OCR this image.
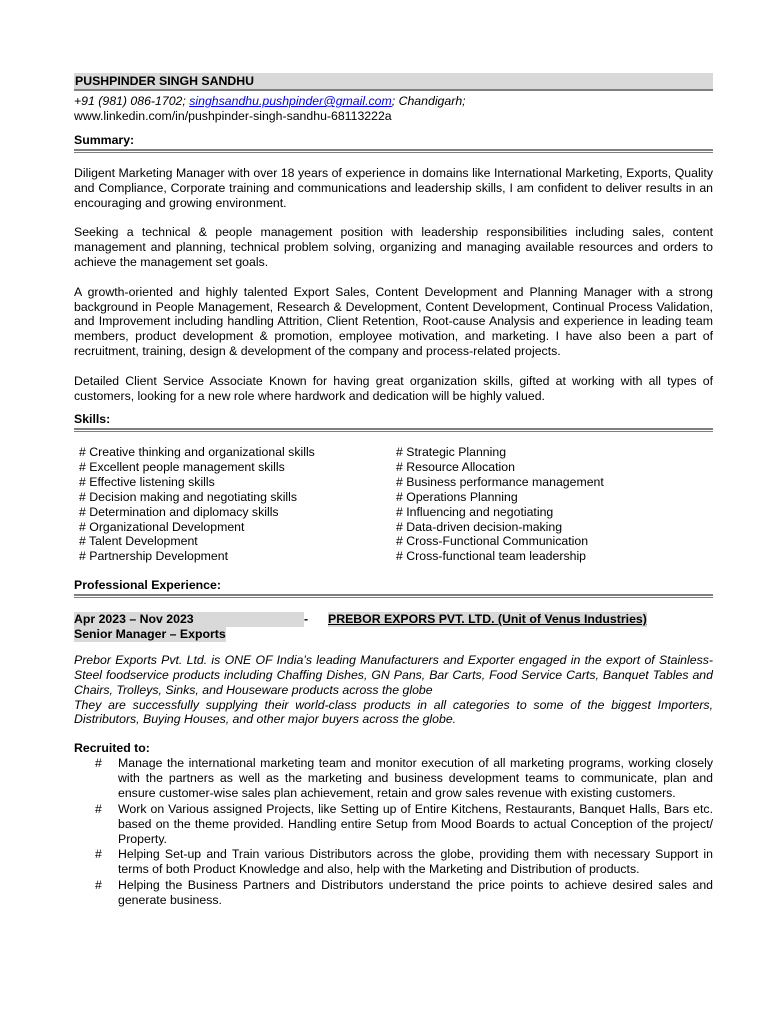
PUSHPINDER SINGH SANDHU
+91 (981) 086-1702; singhsandhu.pushpinder@gmail.com; Chandigarh;
www.linkedin.com/in/pushpinder-singh-sandhu-68113222a
Summary:

Diligent Marketing Manager with over 18 years of experience in domains like International Marketing, Exports, Quality and Compliance, Corporate training and communications and leadership skills, I am confident to deliver results in an encouraging and growing environment.

Seeking a technical & people management position with leadership responsibilities including sales, content management and planning, technical problem solving, organizing and managing available resources and orders to achieve the management set goals.

A growth-oriented and highly talented Export Sales, Content Development and Planning Manager with a strong background in People Management, Research & Development, Content Development, Continual Process Validation, and Improvement including handling Attrition, Client Retention, Root-cause Analysis and experience in leading team members, product development & promotion, employee motivation, and marketing. I have also been a part of recruitment, training, design & development of the company and process-related projects.

Detailed Client Service Associate Known for having great organization skills, gifted at working with all types of customers, looking for a new role where hardwork and dedication will be highly valued.

Skills:
# Creative thinking and organizational skills
# Excellent people management skills
# Effective listening skills
# Decision making and negotiating skills
# Determination and diplomacy skills
# Organizational Development
# Talent Development
# Partnership Development
# Strategic Planning
# Resource Allocation
# Business performance management
# Operations Planning
# Influencing and negotiating
# Data-driven decision-making
# Cross-Functional Communication
# Cross-functional team leadership
Professional Experience:
Apr 2023 – Nov 2023	-	PREBOR EXPORS PVT. LTD. (Unit of Venus Industries)
Senior Manager – Exports

Prebor Exports Pvt. Ltd. is ONE OF India’s leading Manufacturers and Exporter engaged in the export of Stainless-Steel foodservice products including Chaffing Dishes, GN Pans, Bar Carts, Food Service Carts, Banquet Tables and Chairs, Trolleys, Sinks, and Houseware products across the globe

They are successfully supplying their world-class products in all categories to some of the biggest Importers, Distributors, Buying Houses, and other major buyers across the globe.

Recruited to:
#	Manage the international marketing team and monitor execution of all marketing programs, working closely with the partners as well as the marketing and business development teams to communicate, plan and ensure customer-wise sales plan achievement, retain and grow sales revenue with existing customers.
#	Work on Various assigned Projects, like Setting up of Entire Kitchens, Restaurants, Banquet Halls, Bars etc. based on the theme provided. Handling entire Setup from Mood Boards to actual Conception of the project/ Property.
#	Helping Set-up and Train various Distributors across the globe, providing them with necessary Support in terms of both Product Knowledge and also, help with the Marketing and Distribution of products.
#	Helping the Business Partners and Distributors understand the price points to achieve desired sales and generate business.
